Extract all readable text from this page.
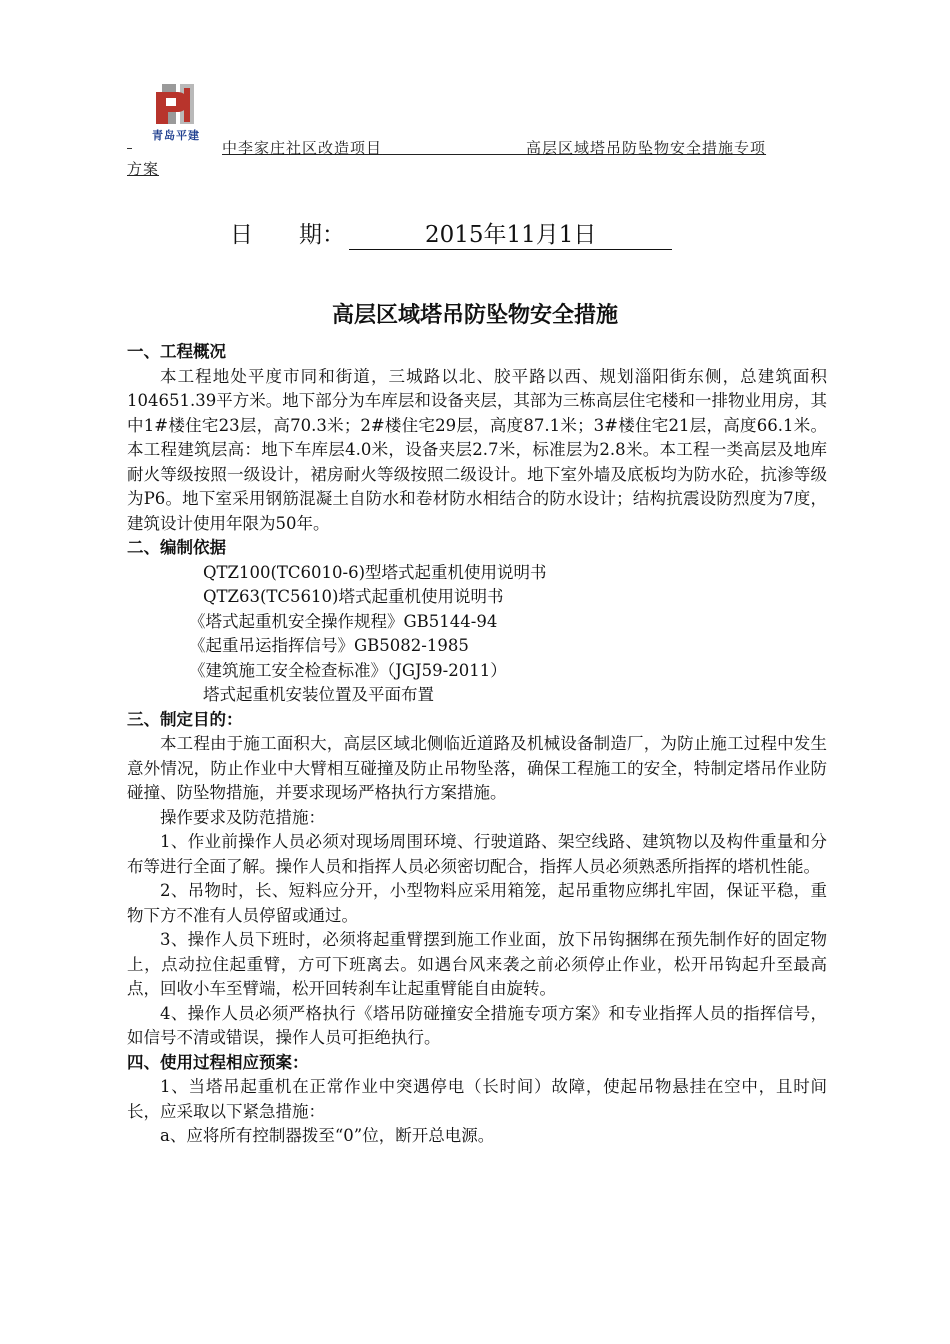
青岛平建
中李家庄社区改造项目　　　　　　　　　	高层区域塔吊防坠物安全措施专项
方案
日　　期：	2015年11月1日
高层区域塔吊防坠物安全措施

一、工程概况

本工程地处平度市同和街道，三城路以北、胶平路以西、规划淄阳街东侧，总建筑面积104651.39平方米。地下部分为车库层和设备夹层，其部为三栋高层住宅楼和一排物业用房，其中1#楼住宅23层，高70.3米；2#楼住宅29层，高度87.1米；3#楼住宅21层，高度66.1米。本工程建筑层高：地下车库层4.0米，设备夹层2.7米，标准层为2.8米。本工程一类高层及地库耐火等级按照一级设计，裙房耐火等级按照二级设计。地下室外墙及底板均为防水砼，抗渗等级为P6。地下室采用钢筋混凝土自防水和卷材防水相结合的防水设计；结构抗震设防烈度为7度，建筑设计使用年限为50年。

二、编制依据

QTZ100(TC6010-6)型塔式起重机使用说明书

QTZ63(TC5610)塔式起重机使用说明书

《塔式起重机安全操作规程》GB5144-94

《起重吊运指挥信号》GB5082-1985

《建筑施工安全检查标准》（JGJ59-2011）

塔式起重机安装位置及平面布置

三、制定目的：

本工程由于施工面积大，高层区域北侧临近道路及机械设备制造厂，为防止施工过程中发生意外情况，防止作业中大臂相互碰撞及防止吊物坠落，确保工程施工的安全，特制定塔吊作业防碰撞、防坠物措施，并要求现场严格执行方案措施。

操作要求及防范措施：

1、作业前操作人员必须对现场周围环境、行驶道路、架空线路、建筑物以及构件重量和分布等进行全面了解。操作人员和指挥人员必须密切配合，指挥人员必须熟悉所指挥的塔机性能。

2、吊物时，长、短料应分开，小型物料应采用箱笼，起吊重物应绑扎牢固，保证平稳，重物下方不准有人员停留或通过。

3、操作人员下班时，必须将起重臂摆到施工作业面，放下吊钩捆绑在预先制作好的固定物上，点动拉住起重臂，方可下班离去。如遇台风来袭之前必须停止作业，松开吊钩起升至最高点，回收小车至臂端，松开回转刹车让起重臂能自由旋转。

4、操作人员必须严格执行《塔吊防碰撞安全措施专项方案》和专业指挥人员的指挥信号，如信号不清或错误，操作人员可拒绝执行。

四、使用过程相应预案：

1、当塔吊起重机在正常作业中突遇停电（长时间）故障，使起吊物悬挂在空中，且时间长，应采取以下紧急措施：

a、应将所有控制器拨至“0”位，断开总电源。
